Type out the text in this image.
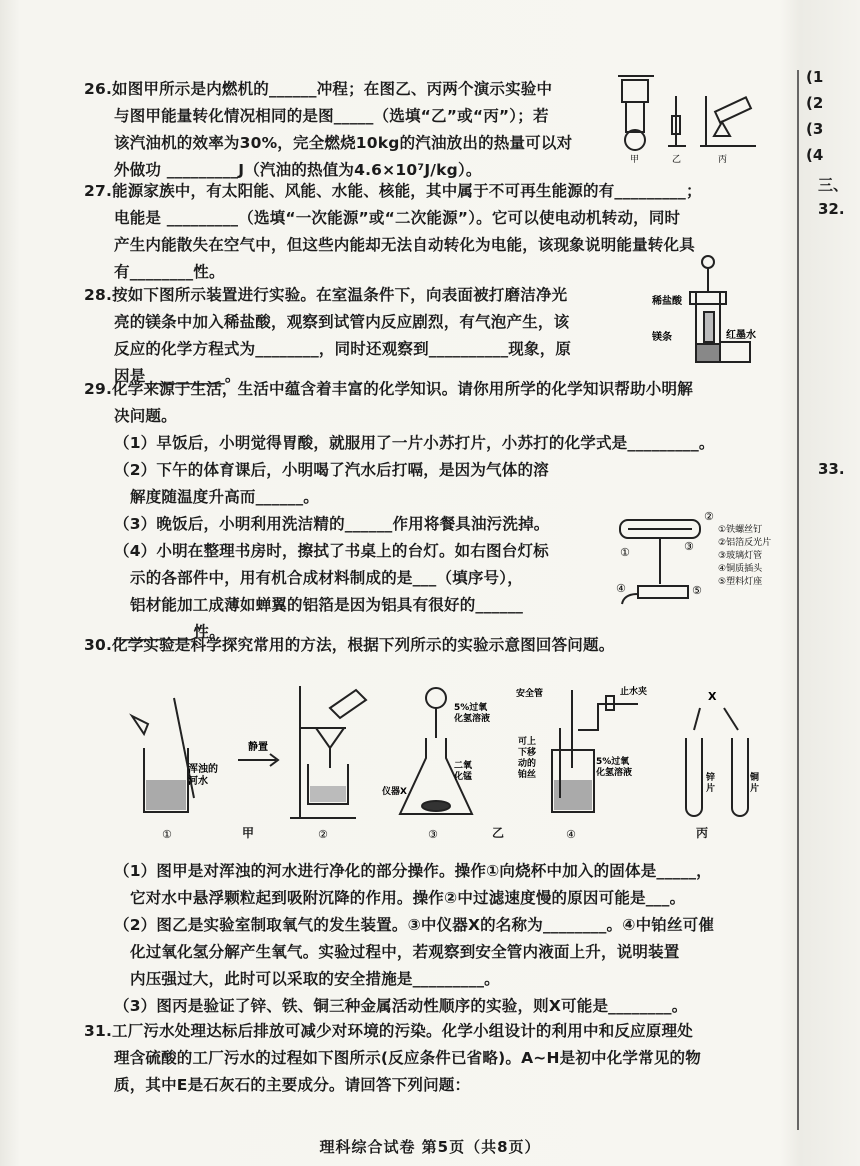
26.如图甲所示是内燃机的______冲程；在图乙、丙两个演示实验中
与图甲能量转化情况相同的是图_____（选填“乙”或“丙”）；若
该汽油机的效率为30%，完全燃烧10kg的汽油放出的热量可以对
外做功 _________J（汽油的热值为4.6×10⁷J/kg）。
甲	乙	丙
27.能源家族中，有太阳能、风能、水能、核能，其中属于不可再生能源的有_________；
电能是 _________（选填“一次能源”或“二次能源”）。它可以使电动机转动，同时
产生内能散失在空气中，但这些内能却无法自动转化为电能，该现象说明能量转化具
有________性。
28.按如下图所示装置进行实验。在室温条件下，向表面被打磨洁净光
亮的镁条中加入稀盐酸，观察到试管内反应剧烈，有气泡产生，该
反应的化学方程式为________，同时还观察到__________现象，原
因是__________。
稀盐酸
镁条	红墨水
29.化学来源于生活，生活中蕴含着丰富的化学知识。请你用所学的化学知识帮助小明解
决问题。
（1）早饭后，小明觉得胃酸，就服用了一片小苏打片，小苏打的化学式是_________。
（2）下午的体育课后，小明喝了汽水后打嗝，是因为气体的溶
解度随温度升高而______。
（3）晚饭后，小明利用洗洁精的______作用将餐具油污洗掉。
（4）小明在整理书房时，擦拭了书桌上的台灯。如右图台灯标
示的各部件中，用有机合成材料制成的是___（填序号），
铝材能加工成薄如蝉翼的铝箔是因为铝具有很好的______
__________性。
①
②
③
④	⑤
①铁螺丝钉
②铝箔反光片
③玻璃灯管
④铜质插头
⑤塑料灯座
30.化学实验是科学探究常用的方法，根据下列所示的实验示意图回答问题。
浑浊的 河水
静置
5%过氧化氢溶液
二氧化锰
仪器X
安全管	止水夹
可上下移动的铂丝
5%过氧化氢溶液
X
锌片
铜片
①	②	③	④
甲	乙	丙
（1）图甲是对浑浊的河水进行净化的部分操作。操作①向烧杯中加入的固体是_____，
它对水中悬浮颗粒起到吸附沉降的作用。操作②中过滤速度慢的原因可能是___。
（2）图乙是实验室制取氧气的发生装置。③中仪器X的名称为________。④中铂丝可催
化过氧化氢分解产生氧气。实验过程中，若观察到安全管内液面上升，说明装置
内压强过大，此时可以采取的安全措施是_________。
（3）图丙是验证了锌、铁、铜三种金属活动性顺序的实验，则X可能是________。
31.工厂污水处理达标后排放可减少对环境的污染。化学小组设计的利用中和反应原理处
理含硫酸的工厂污水的过程如下图所示(反应条件已省略)。A~H是初中化学常见的物
质，其中E是石灰石的主要成分。请回答下列问题：
理科综合试卷 第5页（共8页）
(1
(2
(3
(4
三、
32.
33.
